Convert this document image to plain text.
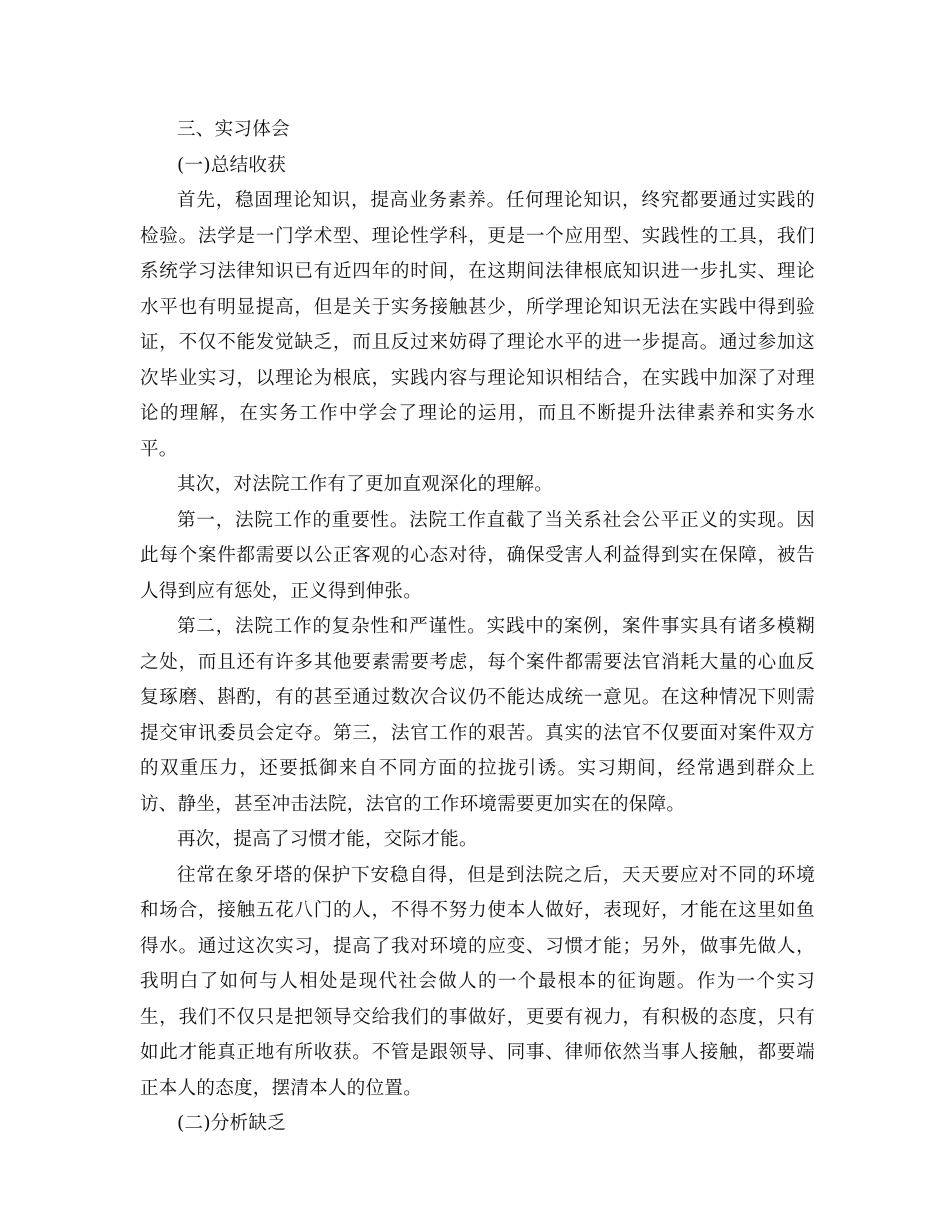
三、实习体会

(一)总结收获

首先，稳固理论知识，提高业务素养。任何理论知识，终究都要通过实践的检验。法学是一门学术型、理论性学科，更是一个应用型、实践性的工具，我们系统学习法律知识已有近四年的时间，在这期间法律根底知识进一步扎实、理论水平也有明显提高，但是关于实务接触甚少，所学理论知识无法在实践中得到验证，不仅不能发觉缺乏，而且反过来妨碍了理论水平的进一步提高。通过参加这次毕业实习，以理论为根底，实践内容与理论知识相结合，在实践中加深了对理论的理解，在实务工作中学会了理论的运用，而且不断提升法律素养和实务水平。

其次，对法院工作有了更加直观深化的理解。

第一，法院工作的重要性。法院工作直截了当关系社会公平正义的实现。因此每个案件都需要以公正客观的心态对待，确保受害人利益得到实在保障，被告人得到应有惩处，正义得到伸张。

第二，法院工作的复杂性和严谨性。实践中的案例，案件事实具有诸多模糊之处，而且还有许多其他要素需要考虑，每个案件都需要法官消耗大量的心血反复琢磨、斟酌，有的甚至通过数次合议仍不能达成统一意见。在这种情况下则需提交审讯委员会定夺。第三，法官工作的艰苦。真实的法官不仅要面对案件双方的双重压力，还要抵御来自不同方面的拉拢引诱。实习期间，经常遇到群众上访、静坐，甚至冲击法院，法官的工作环境需要更加实在的保障。

再次，提高了习惯才能，交际才能。

往常在象牙塔的保护下安稳自得，但是到法院之后，天天要应对不同的环境和场合，接触五花八门的人，不得不努力使本人做好，表现好，才能在这里如鱼得水。通过这次实习，提高了我对环境的应变、习惯才能；另外，做事先做人，我明白了如何与人相处是现代社会做人的一个最根本的征询题。作为一个实习生，我们不仅只是把领导交给我们的事做好，更要有视力，有积极的态度，只有如此才能真正地有所收获。不管是跟领导、同事、律师依然当事人接触，都要端正本人的态度，摆清本人的位置。

(二)分析缺乏
